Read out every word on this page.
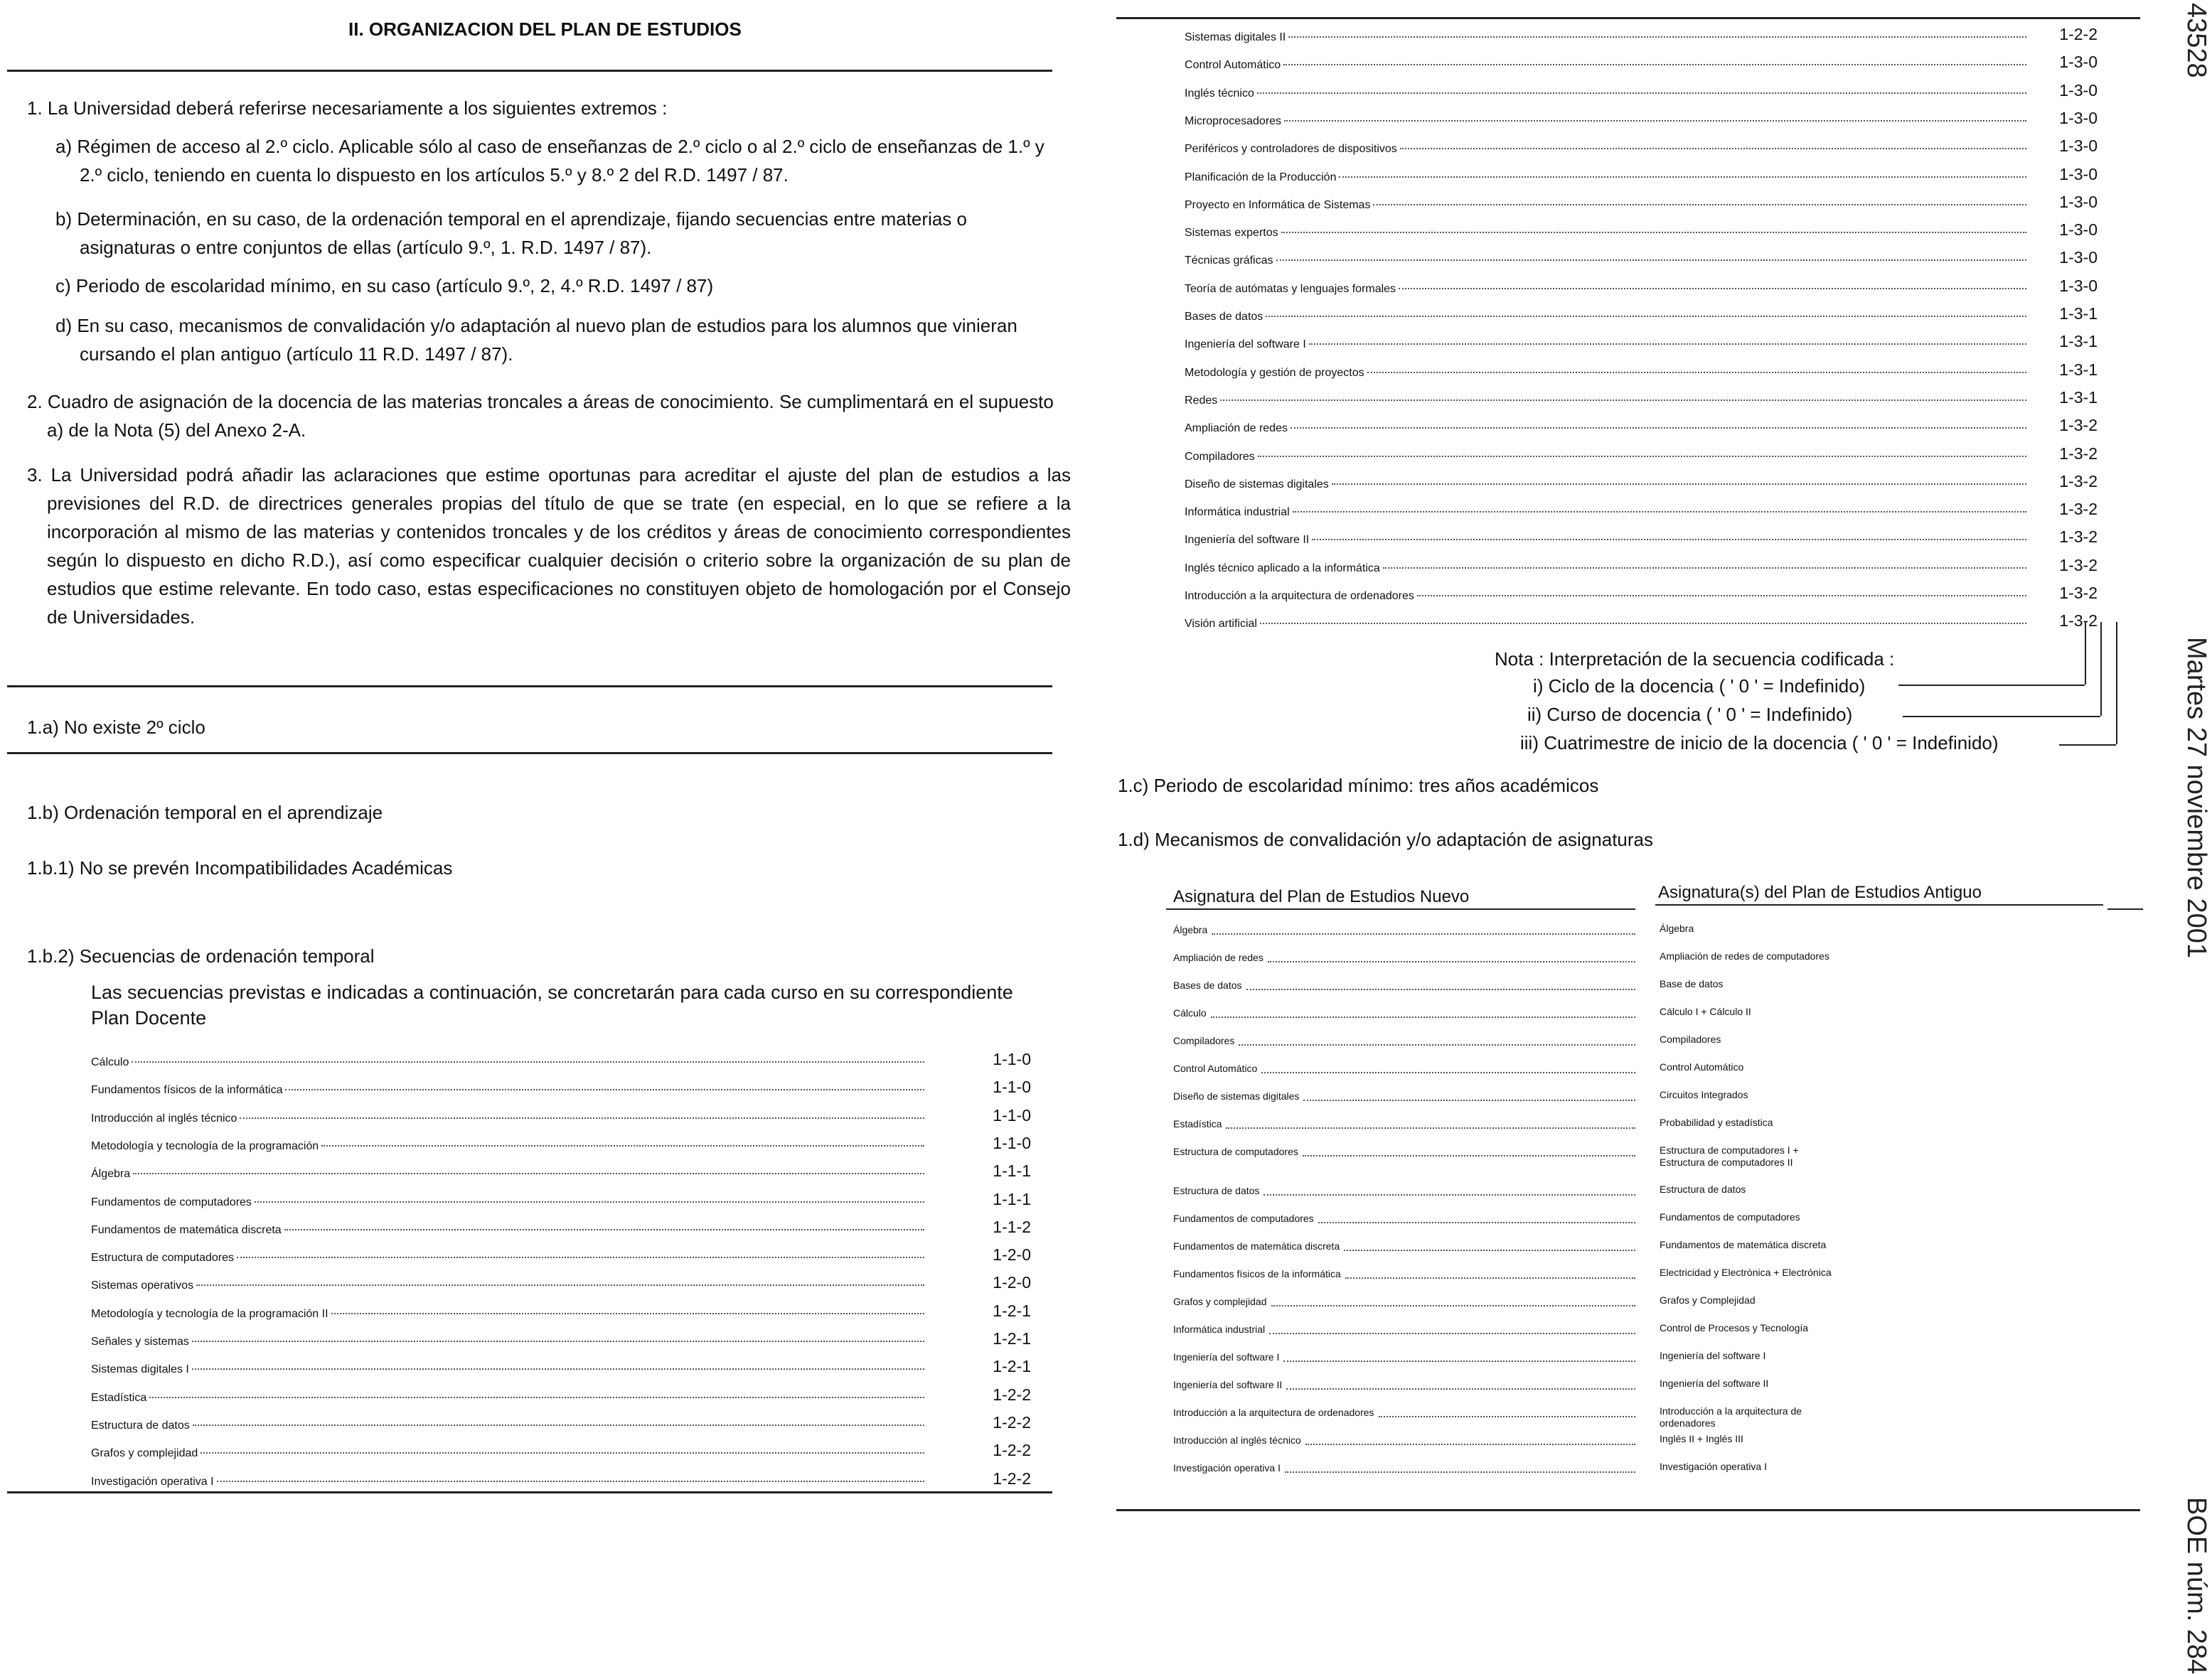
II. ORGANIZACION DEL PLAN DE ESTUDIOS
1. La Universidad deberá referirse necesariamente a los siguientes extremos :
a) Régimen de acceso al 2.º ciclo. Aplicable sólo al caso de enseñanzas de 2.º ciclo o al 2.º ciclo de enseñanzas de 1.º y 2.º ciclo, teniendo en cuenta lo dispuesto en los artículos 5.º y 8.º 2 del R.D. 1497 / 87.
b) Determinación, en su caso, de la ordenación temporal en el aprendizaje, fijando secuencias entre materias o asignaturas o entre conjuntos de ellas (artículo 9.º, 1. R.D. 1497 / 87).
c) Periodo de escolaridad mínimo, en su caso (artículo 9.º, 2, 4.º R.D. 1497 / 87)
d) En su caso, mecanismos de convalidación y/o adaptación al nuevo plan de estudios para los alumnos que vinieran cursando el plan antiguo (artículo 11 R.D. 1497 / 87).
2. Cuadro de asignación de la docencia de las materias troncales a áreas de conocimiento. Se cumplimentará en el supuesto a) de la Nota (5) del Anexo 2-A.
3. La Universidad podrá añadir las aclaraciones que estime oportunas para acreditar el ajuste del plan de estudios a las previsiones del R.D. de directrices generales propias del título de que se trate (en especial, en lo que se refiere a la incorporación al mismo de las materias y contenidos troncales y de los créditos y áreas de conocimiento correspondientes según lo dispuesto en dicho R.D.), así como especificar cualquier decisión o criterio sobre la organización de su plan de estudios que estime relevante. En todo caso, estas especificaciones no constituyen objeto de homologación por el Consejo de Universidades.
1.a) No existe 2º ciclo
1.b) Ordenación temporal en el aprendizaje
1.b.1) No se prevén Incompatibilidades Académicas
1.b.2) Secuencias de ordenación temporal
Las secuencias previstas e indicadas a continuación, se concretarán para cada curso en su correspondiente Plan Docente
Cálculo	1-1-0
Fundamentos físicos de la informática	1-1-0
Introducción al inglés técnico	1-1-0
Metodología y tecnología de la programación	1-1-0
Álgebra	1-1-1
Fundamentos de computadores	1-1-1
Fundamentos de matemática discreta	1-1-2
Estructura de computadores	1-2-0
Sistemas operativos	1-2-0
Metodología y tecnología de la programación II	1-2-1
Señales y sistemas	1-2-1
Sistemas digitales I	1-2-1
Estadística	1-2-2
Estructura de datos	1-2-2
Grafos y complejidad	1-2-2
Investigación operativa I	1-2-2
Sistemas digitales II	1-2-2
Control Automático	1-3-0
Inglés técnico	1-3-0
Microprocesadores	1-3-0
Periféricos y controladores de dispositivos	1-3-0
Planificación de la Producción	1-3-0
Proyecto en Informática de Sistemas	1-3-0
Sistemas expertos	1-3-0
Técnicas gráficas	1-3-0
Teoría de autómatas y lenguajes formales	1-3-0
Bases de datos	1-3-1
Ingeniería del software I	1-3-1
Metodología y gestión de proyectos	1-3-1
Redes	1-3-1
Ampliación de redes	1-3-2
Compiladores	1-3-2
Diseño de sistemas digitales	1-3-2
Informática industrial	1-3-2
Ingeniería del software II	1-3-2
Inglés técnico aplicado a la informática	1-3-2
Introducción a la arquitectura de ordenadores	1-3-2
Visión artificial	1-3-2
Nota : Interpretación de la secuencia codificada :
i) Ciclo de la docencia ( ' 0 ' = Indefinido)
ii) Curso de docencia ( ' 0 ' = Indefinido)
iii) Cuatrimestre de inicio de la docencia ( ' 0 ' = Indefinido)
1.c) Periodo de escolaridad mínimo: tres años académicos
1.d) Mecanismos de convalidación y/o adaptación de asignaturas
Asignatura del Plan de Estudios Nuevo	Asignatura(s) del Plan de Estudios Antiguo
Álgebra	Álgebra
Ampliación de redes	Ampliación de redes de computadores
Bases de datos	Base de datos
Cálculo	Cálculo I + Cálculo II
Compiladores	Compiladores
Control Automático	Control Automático
Diseño de sistemas digitales	Circuitos Integrados
Estadística	Probabilidad y estadística
Estructura de computadores	Estructura de computadores I + Estructura de computadores II
Estructura de datos	Estructura de datos
Fundamentos de computadores	Fundamentos de computadores
Fundamentos de matemática discreta	Fundamentos de matemática discreta
Fundamentos físicos de la informática	Electricidad y Electrónica + Electrónica
Grafos y complejidad	Grafos y Complejidad
Informática industrial	Control de Procesos y Tecnología
Ingeniería del software I	Ingeniería del software I
Ingeniería del software II	Ingeniería del software II
Introducción a la arquitectura de ordenadores	Introducción a la arquitectura de ordenadores
Introducción al inglés técnico	Inglés II + Inglés III
Investigación operativa I	Investigación operativa I
43528
Martes 27 noviembre 2001
BOE núm. 284
